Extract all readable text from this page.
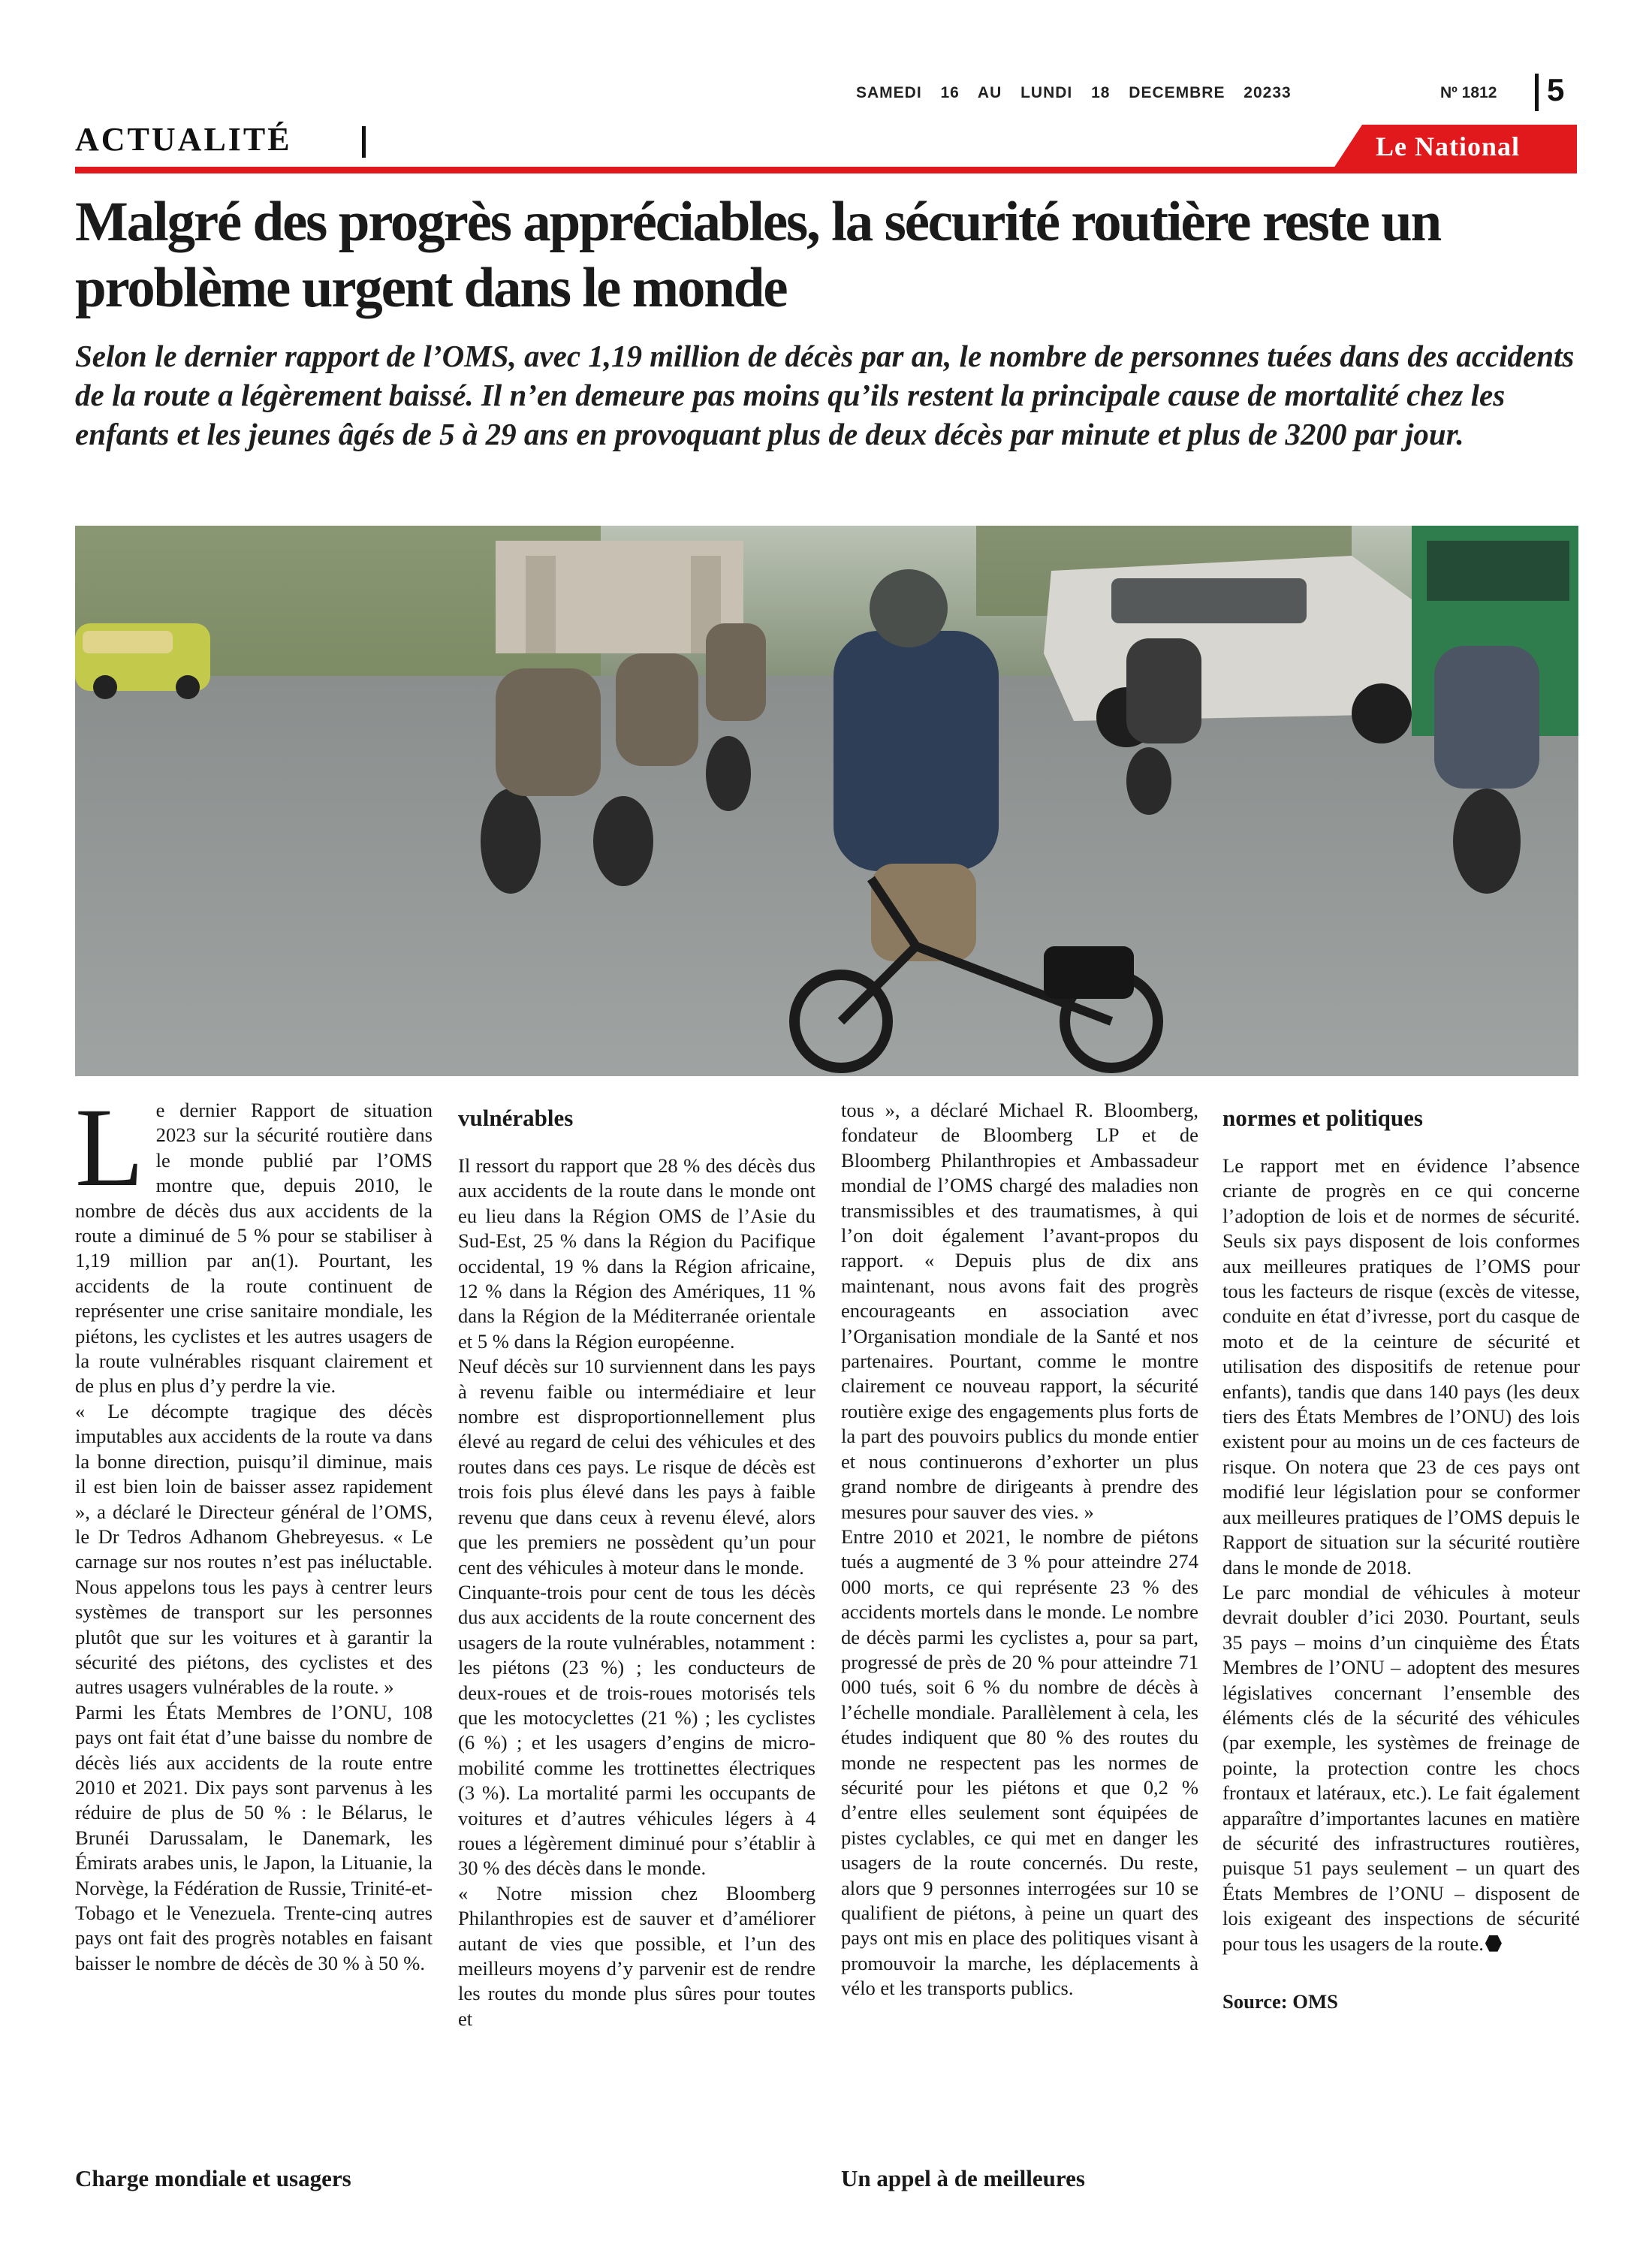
SAMEDI 16 AU LUNDI 18 DECEMBRE 20233	Nº 1812 5
ACTUALITÉ	Le National
Malgré des progrès appréciables, la sécurité routière reste un problème urgent dans le monde

Selon le dernier rapport de l’OMS, avec 1,19 million de décès par an, le nombre de personnes tuées dans des accidents de la route a légèrement baissé. Il n’en demeure pas moins qu’ils restent la principale cause de mortalité chez les enfants et les jeunes âgés de 5 à 29 ans en provoquant plus de deux décès par minute et plus de 3200 par jour.

L e dernier Rapport de situation 2023 sur la sécurité routière dans le monde publié par l’OMS montre que, depuis 2010, le nombre de décès dus aux accidents de la route a diminué de 5 % pour se stabiliser à 1,19 million par an(1). Pourtant, les accidents de la route continuent de représenter une crise sanitaire mondiale, les piétons, les cyclistes et les autres usagers de la route vulnérables risquant clairement et de plus en plus d’y perdre la vie.

« Le décompte tragique des décès imputables aux accidents de la route va dans la bonne direction, puisqu’il diminue, mais il est bien loin de baisser assez rapidement », a déclaré le Directeur général de l’OMS, le Dr Tedros Adhanom Ghebreyesus. « Le carnage sur nos routes n’est pas inéluctable. Nous appelons tous les pays à centrer leurs systèmes de transport sur les personnes plutôt que sur les voitures et à garantir la sécurité des piétons, des cyclistes et des autres usagers vulnérables de la route. »

Parmi les États Membres de l’ONU, 108 pays ont fait état d’une baisse du nombre de décès liés aux accidents de la route entre 2010 et 2021. Dix pays sont parvenus à les réduire de plus de 50 % : le Bélarus, le Brunéi Darussalam, le Danemark, les Émirats arabes unis, le Japon, la Lituanie, la Norvège, la Fédération de Russie, Trinité-et-Tobago et le Venezuela. Trente-cinq autres pays ont fait des progrès notables en faisant baisser le nombre de décès de 30 % à 50 %.

Charge mondiale et usagers
vulnérables

Il ressort du rapport que 28 % des décès dus aux accidents de la route dans le monde ont eu lieu dans la Région OMS de l’Asie du Sud-Est, 25 % dans la Région du Pacifique occidental, 19 % dans la Région africaine, 12 % dans la Région des Amériques, 11 % dans la Région de la Méditerranée orientale et 5 % dans la Région européenne.

Neuf décès sur 10 surviennent dans les pays à revenu faible ou intermédiaire et leur nombre est disproportionnellement plus élevé au regard de celui des véhicules et des routes dans ces pays. Le risque de décès est trois fois plus élevé dans les pays à faible revenu que dans ceux à revenu élevé, alors que les premiers ne possèdent qu’un pour cent des véhicules à moteur dans le monde.

Cinquante-trois pour cent de tous les décès dus aux accidents de la route concernent des usagers de la route vulnérables, notamment : les piétons (23 %) ; les conducteurs de deux-roues et de trois-roues motorisés tels que les motocyclettes (21 %) ; les cyclistes (6 %) ; et les usagers d’engins de micro-mobilité comme les trottinettes électriques (3 %). La mortalité parmi les occupants de voitures et d’autres véhicules légers à 4 roues a légèrement diminué pour s’établir à 30 % des décès dans le monde.

« Notre mission chez Bloomberg Philanthropies est de sauver et d’améliorer autant de vies que possible, et l’un des meilleurs moyens d’y parvenir est de rendre les routes du monde plus sûres pour toutes et

tous », a déclaré Michael R. Bloomberg, fondateur de Bloomberg LP et de Bloomberg Philanthropies et Ambassadeur mondial de l’OMS chargé des maladies non transmissibles et des traumatismes, à qui l’on doit également l’avant-propos du rapport. « Depuis plus de dix ans maintenant, nous avons fait des progrès encourageants en association avec l’Organisation mondiale de la Santé et nos partenaires. Pourtant, comme le montre clairement ce nouveau rapport, la sécurité routière exige des engagements plus forts de la part des pouvoirs publics du monde entier et nous continuerons d’exhorter un plus grand nombre de dirigeants à prendre des mesures pour sauver des vies. »

Entre 2010 et 2021, le nombre de piétons tués a augmenté de 3 % pour atteindre 274 000 morts, ce qui représente 23 % des accidents mortels dans le monde. Le nombre de décès parmi les cyclistes a, pour sa part, progressé de près de 20 % pour atteindre 71 000 tués, soit 6 % du nombre de décès à l’échelle mondiale. Parallèlement à cela, les études indiquent que 80 % des routes du monde ne respectent pas les normes de sécurité pour les piétons et que 0,2 % d’entre elles seulement sont équipées de pistes cyclables, ce qui met en danger les usagers de la route concernés. Du reste, alors que 9 personnes interrogées sur 10 se qualifient de piétons, à peine un quart des pays ont mis en place des politiques visant à promouvoir la marche, les déplacements à vélo et les transports publics.

Un appel à de meilleures
normes et politiques

Le rapport met en évidence l’absence criante de progrès en ce qui concerne l’adoption de lois et de normes de sécurité. Seuls six pays disposent de lois conformes aux meilleures pratiques de l’OMS pour tous les facteurs de risque (excès de vitesse, conduite en état d’ivresse, port du casque de moto et de la ceinture de sécurité et utilisation des dispositifs de retenue pour enfants), tandis que dans 140 pays (les deux tiers des États Membres de l’ONU) des lois existent pour au moins un de ces facteurs de risque. On notera que 23 de ces pays ont modifié leur législation pour se conformer aux meilleures pratiques de l’OMS depuis le Rapport de situation sur la sécurité routière dans le monde de 2018.

Le parc mondial de véhicules à moteur devrait doubler d’ici 2030. Pourtant, seuls 35 pays – moins d’un cinquième des États Membres de l’ONU – adoptent des mesures législatives concernant l’ensemble des éléments clés de la sécurité des véhicules (par exemple, les systèmes de freinage de pointe, la protection contre les chocs frontaux et latéraux, etc.). Le fait également apparaître d’importantes lacunes en matière de sécurité des infrastructures routières, puisque 51 pays seulement – un quart des États Membres de l’ONU – disposent de lois exigeant des inspections de sécurité pour tous les usagers de la route.

Source: OMS
